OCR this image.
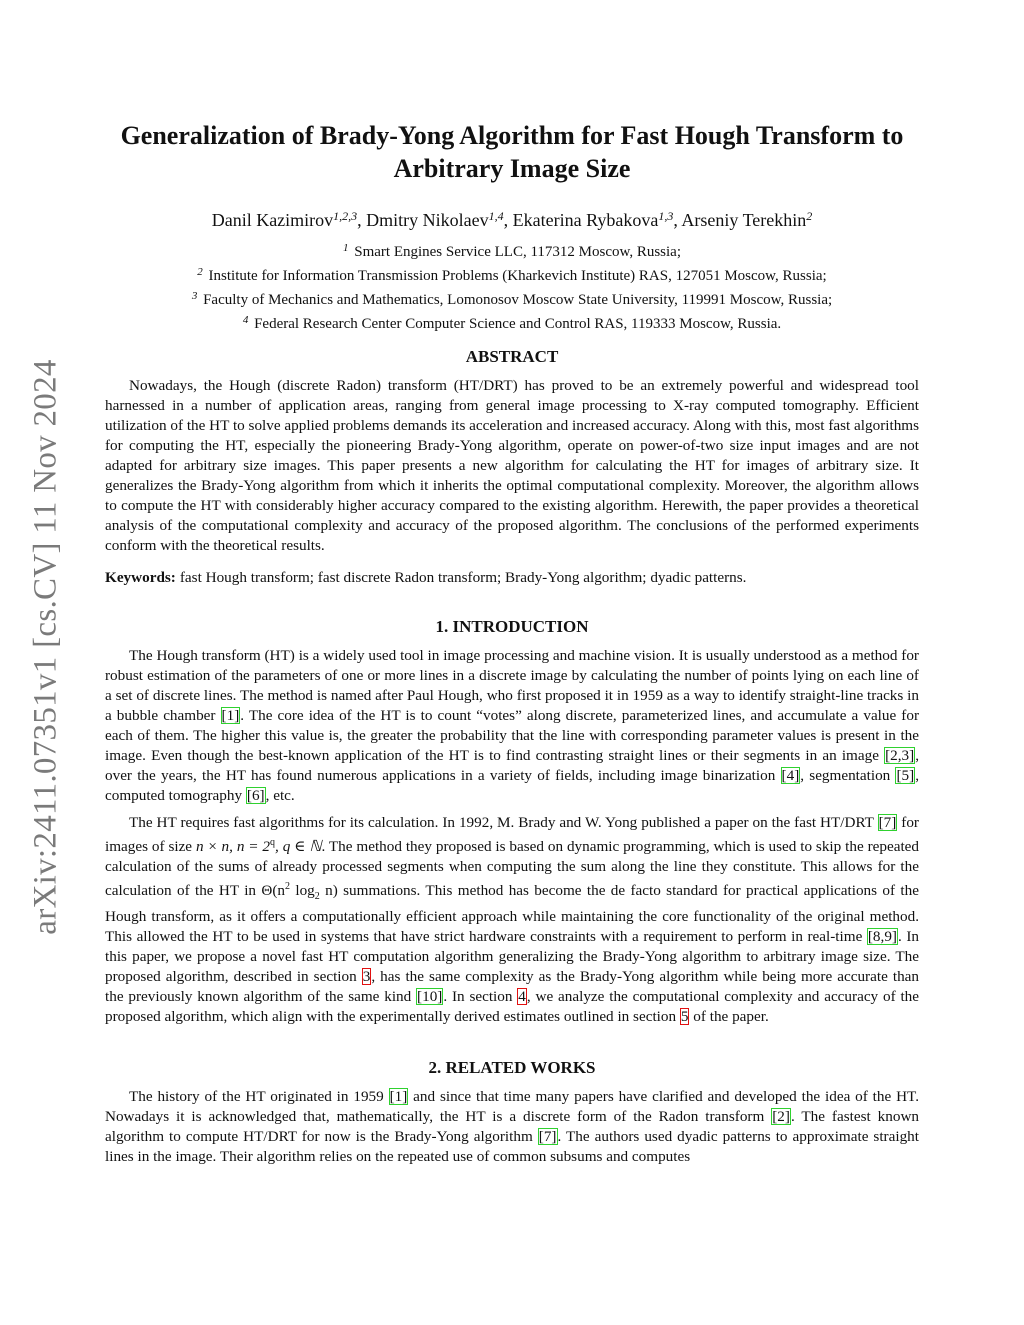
arXiv:2411.07351v1 [cs.CV] 11 Nov 2024
Generalization of Brady-Yong Algorithm for Fast Hough Transform to Arbitrary Image Size
Danil Kazimirov$^{1,2,3}$, Dmitry Nikolaev$^{1,4}$, Ekaterina Rybakova$^{1,3}$, Arseniy Terekhin$^2$
$^1$ Smart Engines Service LLC, 117312 Moscow, Russia;
$^2$ Institute for Information Transmission Problems (Kharkevich Institute) RAS, 127051 Moscow, Russia;
$^3$ Faculty of Mechanics and Mathematics, Lomonosov Moscow State University, 119991 Moscow, Russia;
$^4$ Federal Research Center Computer Science and Control RAS, 119333 Moscow, Russia.
ABSTRACT

Nowadays, the Hough (discrete Radon) transform (HT/DRT) has proved to be an extremely powerful and widespread tool harnessed in a number of application areas, ranging from general image processing to X-ray computed tomography. Efficient utilization of the HT to solve applied problems demands its acceleration and increased accuracy. Along with this, most fast algorithms for computing the HT, especially the pioneering Brady-Yong algorithm, operate on power-of-two size input images and are not adapted for arbitrary size images. This paper presents a new algorithm for calculating the HT for images of arbitrary size. It generalizes the Brady-Yong algorithm from which it inherits the optimal computational complexity. Moreover, the algorithm allows to compute the HT with considerably higher accuracy compared to the existing algorithm. Herewith, the paper provides a theoretical analysis of the computational complexity and accuracy of the proposed algorithm. The conclusions of the performed experiments conform with the theoretical results.

Keywords: fast Hough transform; fast discrete Radon transform; Brady-Yong algorithm; dyadic patterns.

1. INTRODUCTION

The Hough transform (HT) is a widely used tool in image processing and machine vision. It is usually understood as a method for robust estimation of the parameters of one or more lines in a discrete image by calculating the number of points lying on each line of a set of discrete lines. The method is named after Paul Hough, who first proposed it in 1959 as a way to identify straight-line tracks in a bubble chamber [1]. The core idea of the HT is to count “votes” along discrete, parameterized lines, and accumulate a value for each of them. The higher this value is, the greater the probability that the line with corresponding parameter values is present in the image. Even though the best-known application of the HT is to find contrasting straight lines or their segments in an image [2,3], over the years, the HT has found numerous applications in a variety of fields, including image binarization [4], segmentation [5], computed tomography [6], etc.

The HT requires fast algorithms for its calculation. In 1992, M. Brady and W. Yong published a paper on the fast HT/DRT [7] for images of size n × n, $n = 2^q$, q ∈ ℕ. The method they proposed is based on dynamic programming, which is used to skip the repeated calculation of the sums of already processed segments when computing the sum along the line they constitute. This allows for the calculation of the HT in $\Theta(n^2$ $\log_2 n$) summations. This method has become the de facto standard for practical applications of the Hough transform, as it offers a computationally efficient approach while maintaining the core functionality of the original method. This allowed the HT to be used in systems that have strict hardware constraints with a requirement to perform in real-time [8,9]. In this paper, we propose a novel fast HT computation algorithm generalizing the Brady-Yong algorithm to arbitrary image size. The proposed algorithm, described in section 3, has the same complexity as the Brady-Yong algorithm while being more accurate than the previously known algorithm of the same kind [10]. In section 4, we analyze the computational complexity and accuracy of the proposed algorithm, which align with the experimentally derived estimates outlined in section 5 of the paper.

2. RELATED WORKS

The history of the HT originated in 1959 [1] and since that time many papers have clarified and developed the idea of the HT. Nowadays it is acknowledged that, mathematically, the HT is a discrete form of the Radon transform [2]. The fastest known algorithm to compute HT/DRT for now is the Brady-Yong algorithm [7]. The authors used dyadic patterns to approximate straight lines in the image. Their algorithm relies on the repeated use of common subsums and computes
